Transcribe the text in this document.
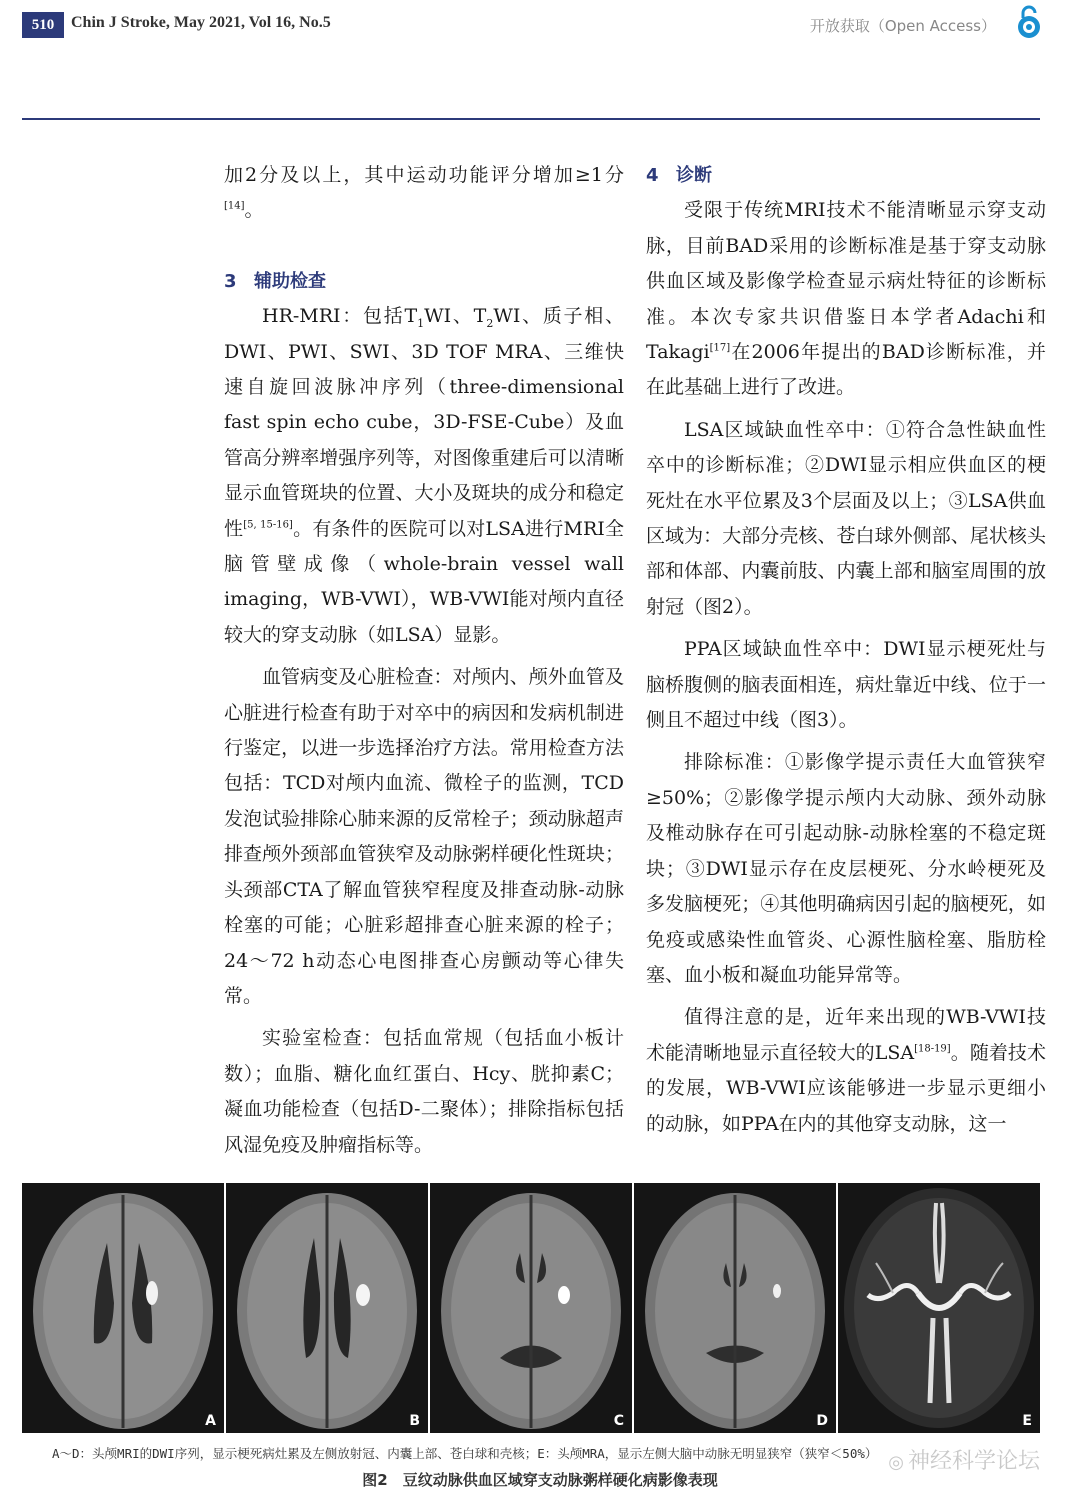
510	Chin J Stroke, May 2021, Vol 16, No.5	开放获取（Open Access）

加2分及以上，其中运动功能评分增加≥1分[14]。

3 辅助检查

HR-MRI：包括$T_1WI$、$T_2WI$、质子相、DWI、PWI、SWI、3D TOF MRA、三维快速自旋回波脉冲序列（three-dimensional fast spin echo cube，3D-FSE-Cube）及血管高分辨率增强序列等，对图像重建后可以清晰显示血管斑块的位置、大小及斑块的成分和稳定性[5, 15-16]。有条件的医院可以对LSA进行MRI全脑管壁成像（whole-brain vessel wall imaging，WB-VWI），WB-VWI能对颅内直径较大的穿支动脉（如LSA）显影。

血管病变及心脏检查：对颅内、颅外血管及心脏进行检查有助于对卒中的病因和发病机制进行鉴定，以进一步选择治疗方法。常用检查方法包括：TCD对颅内血流、微栓子的监测，TCD发泡试验排除心肺来源的反常栓子；颈动脉超声排查颅外颈部血管狭窄及动脉粥样硬化性斑块；头颈部CTA了解血管狭窄程度及排查动脉-动脉栓塞的可能；心脏彩超排查心脏来源的栓子；24～72 h动态心电图排查心房颤动等心律失常。

实验室检查：包括血常规（包括血小板计数）；血脂、糖化血红蛋白、Hcy、胱抑素C；凝血功能检查（包括D-二聚体）；排除指标包括风湿免疫及肿瘤指标等。

4 诊断

受限于传统MRI技术不能清晰显示穿支动脉，目前BAD采用的诊断标准是基于穿支动脉供血区域及影像学检查显示病灶特征的诊断标准。本次专家共识借鉴日本学者Adachi和Takagi[17]在2006年提出的BAD诊断标准，并在此基础上进行了改进。

LSA区域缺血性卒中：①符合急性缺血性卒中的诊断标准；②DWI显示相应供血区的梗死灶在水平位累及3个层面及以上；③LSA供血区域为：大部分壳核、苍白球外侧部、尾状核头部和体部、内囊前肢、内囊上部和脑室周围的放射冠（图2）。

PPA区域缺血性卒中：DWI显示梗死灶与脑桥腹侧的脑表面相连，病灶靠近中线、位于一侧且不超过中线（图3）。

排除标准：①影像学提示责任大血管狭窄≥50%；②影像学提示颅内大动脉、颈外动脉及椎动脉存在可引起动脉-动脉栓塞的不稳定斑块；③DWI显示存在皮层梗死、分水岭梗死及多发脑梗死；④其他明确病因引起的脑梗死，如免疫或感染性血管炎、心源性脑栓塞、脂肪栓塞、血小板和凝血功能异常等。

值得注意的是，近年来出现的WB-VWI技术能清晰地显示直径较大的LSA[18-19]。随着技术的发展，WB-VWI应该能够进一步显示更细小的动脉，如PPA在内的其他穿支动脉，这一

A	B	C	D	E
A～D：头颅MRI的DWI序列，显示梗死病灶累及左侧放射冠、内囊上部、苍白球和壳核；E：头颅MRA，显示左侧大脑中动脉无明显狭窄（狭窄＜50%） ◎ 神经科学论坛
图2　豆纹动脉供血区域穿支动脉粥样硬化病影像表现
